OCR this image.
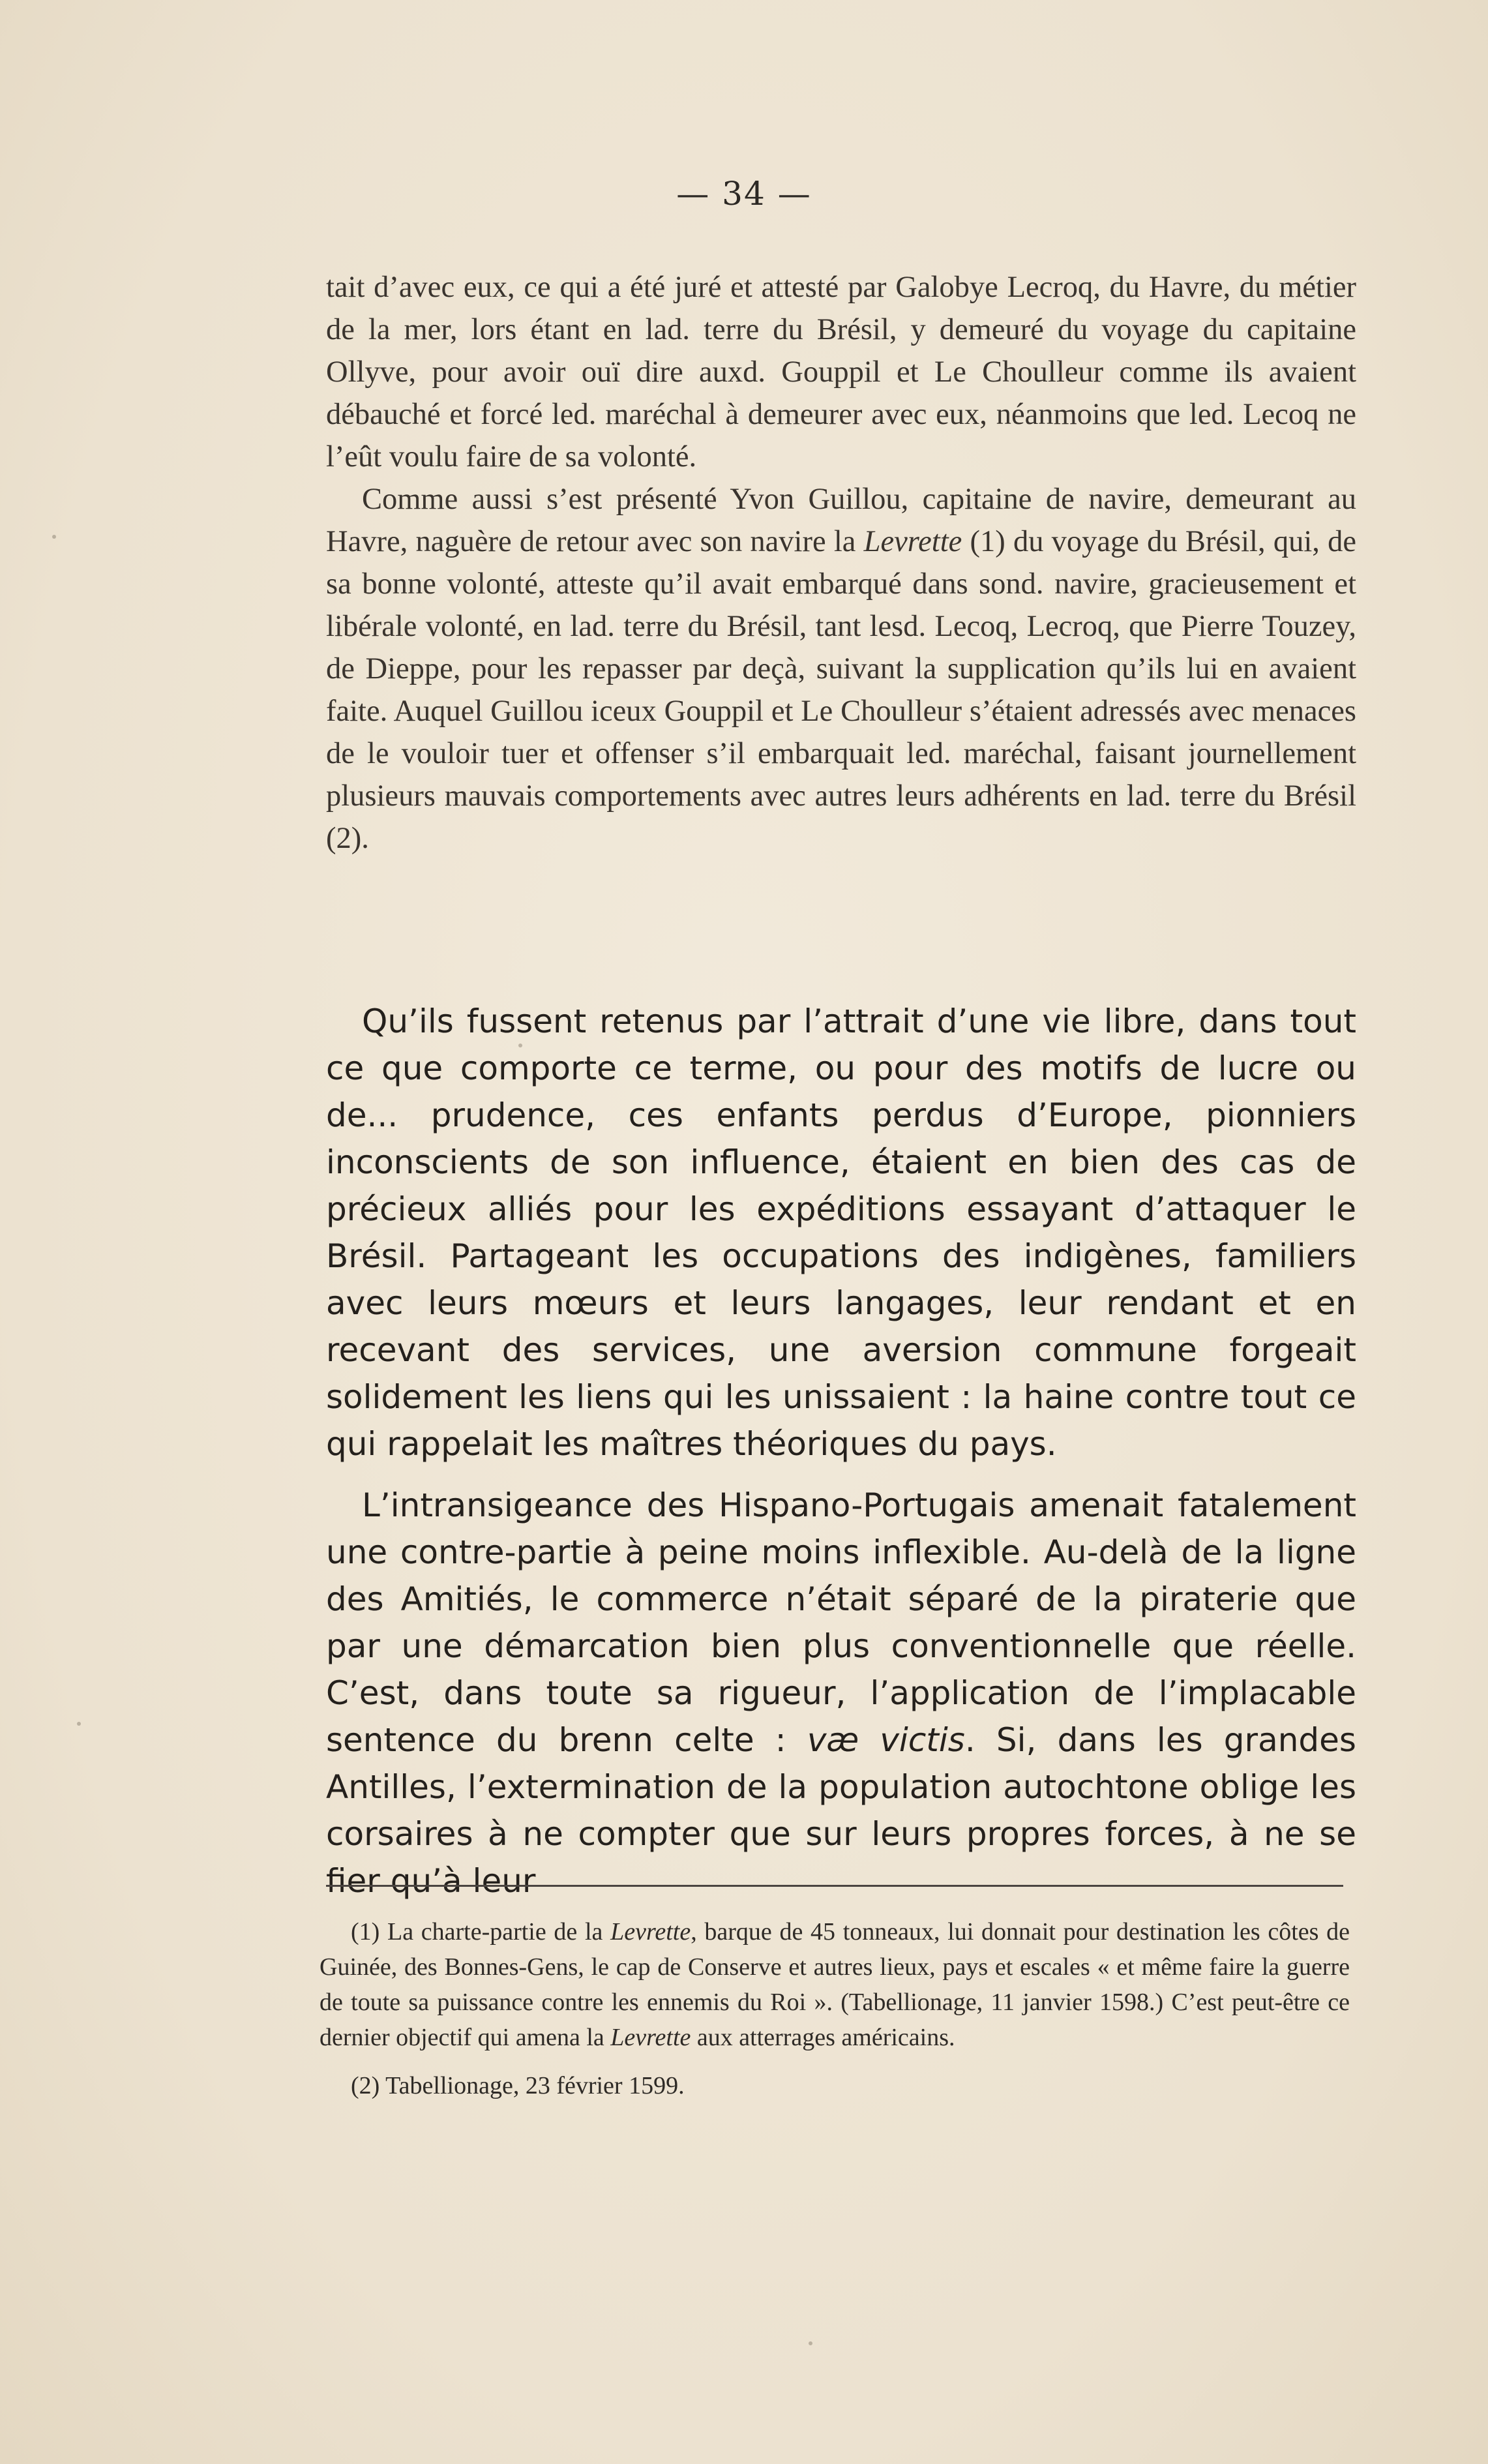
— 34 —

tait d’avec eux, ce qui a été juré et attesté par Galobye Lecroq, du Havre, du métier de la mer, lors étant en lad. terre du Brésil, y demeuré du voyage du capitaine Ollyve, pour avoir ouï dire auxd. Gouppil et Le Choulleur comme ils avaient débauché et forcé led. maréchal à demeurer avec eux, néanmoins que led. Lecoq ne l’eût voulu faire de sa volonté.

Comme aussi s’est présenté Yvon Guillou, capitaine de navire, demeurant au Havre, naguère de retour avec son navire la Levrette (1) du voyage du Brésil, qui, de sa bonne volonté, atteste qu’il avait embarqué dans sond. navire, gracieusement et libérale volonté, en lad. terre du Brésil, tant lesd. Lecoq, Lecroq, que Pierre Touzey, de Dieppe, pour les repasser par deçà, suivant la supplication qu’ils lui en avaient faite. Auquel Guillou iceux Gouppil et Le Choulleur s’étaient adressés avec menaces de le vouloir tuer et offenser s’il embarquait led. maréchal, faisant journellement plusieurs mauvais comportements avec autres leurs adhérents en lad. terre du Brésil (2).

Qu’ils fussent retenus par l’attrait d’une vie libre, dans tout ce que comporte ce terme, ou pour des motifs de lucre ou de... prudence, ces enfants perdus d’Europe, pionniers inconscients de son influence, étaient en bien des cas de précieux alliés pour les expéditions essayant d’attaquer le Brésil. Partageant les occupations des indigènes, familiers avec leurs mœurs et leurs langages, leur rendant et en recevant des services, une aversion commune forgeait solidement les liens qui les unissaient : la haine contre tout ce qui rappelait les maîtres théoriques du pays.

L’intransigeance des Hispano-Portugais amenait fatalement une contre-partie à peine moins inflexible. Au-delà de la ligne des Amitiés, le commerce n’était séparé de la piraterie que par une démarcation bien plus conventionnelle que réelle. C’est, dans toute sa rigueur, l’application de l’implacable sentence du brenn celte : væ victis. Si, dans les grandes Antilles, l’extermination de la population autochtone oblige les corsaires à ne compter que sur leurs propres forces, à ne se fier qu’à leur

(1) La charte-partie de la Levrette, barque de 45 tonneaux, lui donnait pour destination les côtes de Guinée, des Bonnes-Gens, le cap de Conserve et autres lieux, pays et escales « et même faire la guerre de toute sa puissance contre les ennemis du Roi ». (Tabellionage, 11 janvier 1598.) C’est peut-être ce dernier objectif qui amena la Levrette aux atterrages américains.

(2) Tabellionage, 23 février 1599.
